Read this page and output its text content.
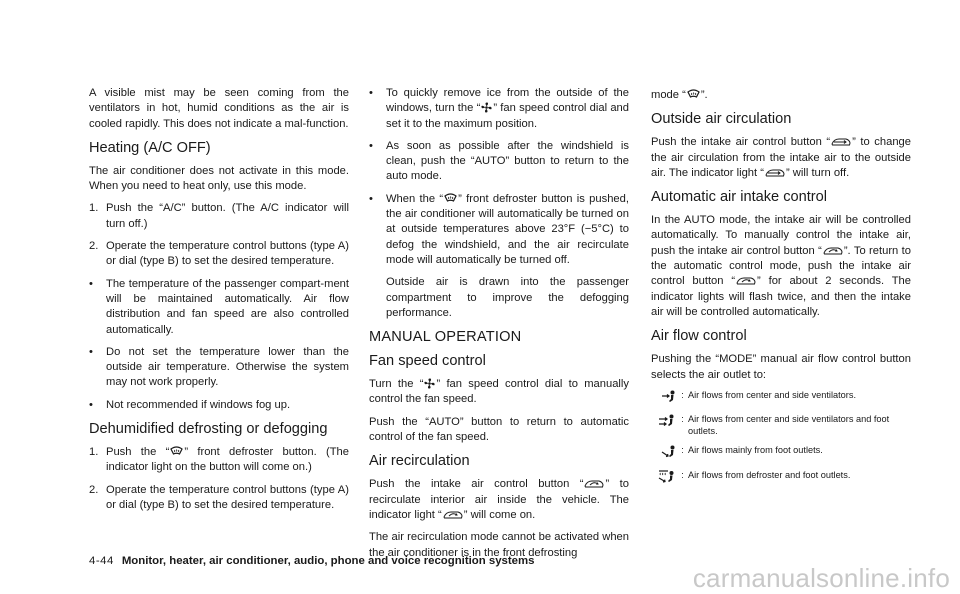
A visible mist may be seen coming from the ventilators in hot, humid conditions as the air is cooled rapidly. This does not indicate a mal-function.

Heating (A/C OFF)

The air conditioner does not activate in this mode. When you need to heat only, use this mode.

1. Push the “A/C” button. (The A/C indicator will turn off.)
2. Operate the temperature control buttons (type A) or dial (type B) to set the desired temperature.
•	The temperature of the passenger compart-ment will be maintained automatically. Air flow distribution and fan speed are also controlled automatically.
•	Do not set the temperature lower than the outside air temperature. Otherwise the system may not work properly.
•	Not recommended if windows fog up.
Dehumidified defrosting or defogging
1. Push the “ ” front defroster button. (The indicator light on the button will come on.)
2. Operate the temperature control buttons (type A) or dial (type B) to set the desired temperature.
•	To quickly remove ice from the outside of the windows, turn the “ ” fan speed control dial and set it to the maximum position.
•	As soon as possible after the windshield is clean, push the “AUTO” button to return to the auto mode.
•	When the “ ” front defroster button is pushed, the air conditioner will automatically be turned on at outside temperatures above 23°F (−5°C) to defog the windshield, and the air recirculate mode will automatically be turned off.

Outside air is drawn into the passenger compartment to improve the defogging performance.

MANUAL OPERATION
Fan speed control

Turn the “ ” fan speed control dial to manually control the fan speed.

Push the “AUTO” button to return to automatic control of the fan speed.

Air recirculation

Push the intake air control button “ ” to recirculate interior air inside the vehicle. The indicator light “ ” will come on.

The air recirculation mode cannot be activated when the air conditioner is in the front defrosting

mode “ ”.

Outside air circulation

Push the intake air control button “ ” to change the air circulation from the intake air to the outside air. The indicator light “ ” will turn off.

Automatic air intake control

In the AUTO mode, the intake air will be controlled automatically. To manually control the intake air, push the intake air control button “ ”. To return to the automatic control mode, push the intake air control button “ ” for about 2 seconds. The indicator lights will flash twice, and then the intake air will be controlled automatically.

Air flow control

Pushing the “MODE” manual air flow control button selects the air outlet to:

: Air flows from center and side ventilators.
: Air flows from center and side ventilators and foot outlets.
: Air flows mainly from foot outlets.
: Air flows from defroster and foot outlets.
4-44 Monitor, heater, air conditioner, audio, phone and voice recognition systems
carmanualsonline.info
